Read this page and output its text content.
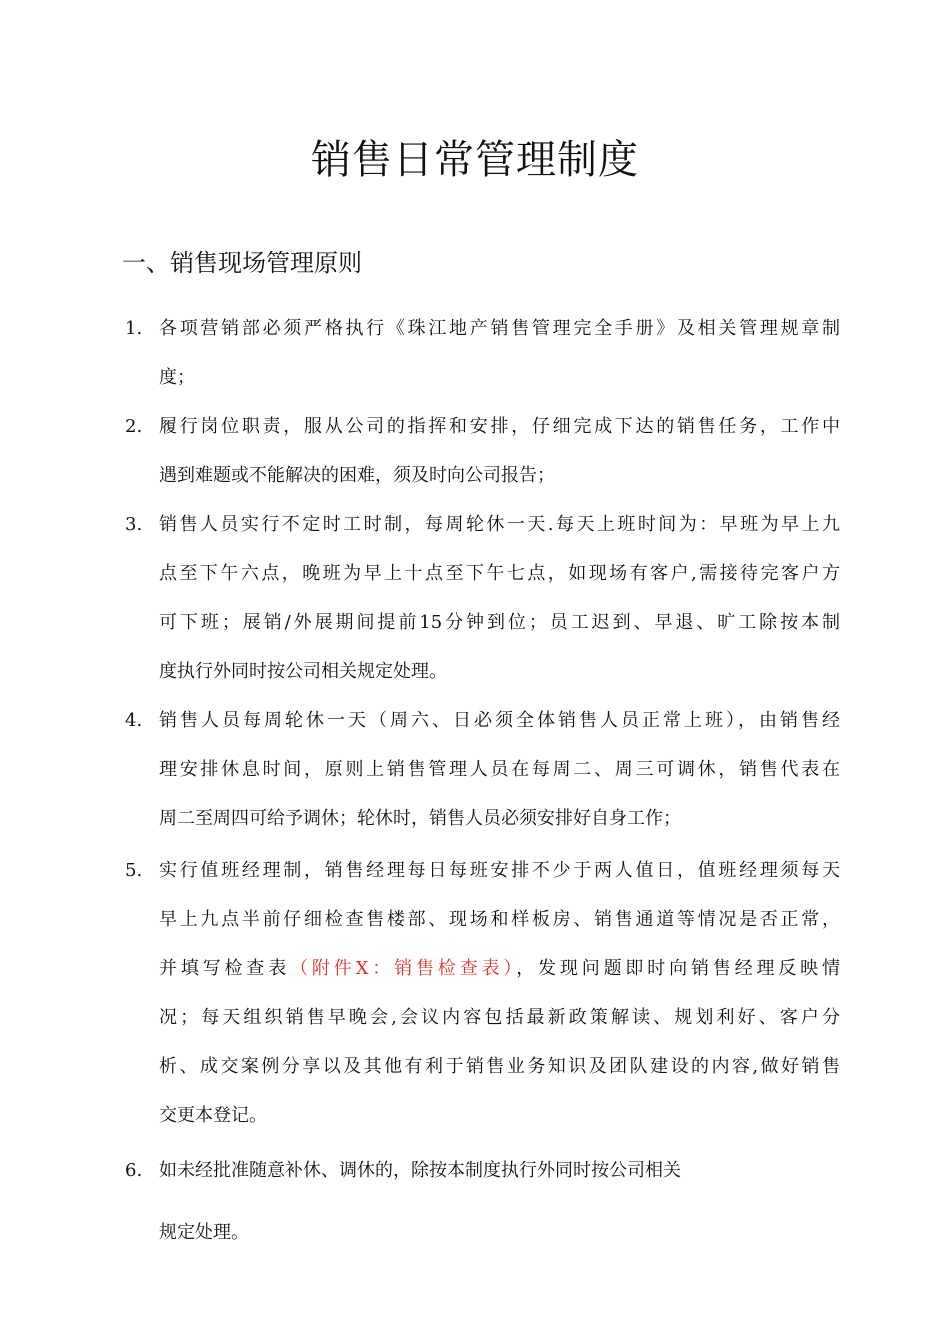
销售日常管理制度
一、销售现场管理原则
1. 各项营销部必须严格执行《珠江地产销售管理完全手册》及相关管理规章制
度；
2. 履行岗位职责，服从公司的指挥和安排，仔细完成下达的销售任务，工作中
遇到难题或不能解决的困难，须及时向公司报告；
3. 销售人员实行不定时工时制，每周轮休一天.每天上班时间为：早班为早上九
点至下午六点，晚班为早上十点至下午七点，如现场有客户,需接待完客户方
可下班；展销/外展期间提前15分钟到位；员工迟到、早退、旷工除按本制
度执行外同时按公司相关规定处理。
4. 销售人员每周轮休一天（周六、日必须全体销售人员正常上班），由销售经
理安排休息时间，原则上销售管理人员在每周二、周三可调休，销售代表在
周二至周四可给予调休；轮休时，销售人员必须安排好自身工作；
5. 实行值班经理制，销售经理每日每班安排不少于两人值日，值班经理须每天
早上九点半前仔细检查售楼部、现场和样板房、销售通道等情况是否正常，
并填写检查表（附件X：销售检查表），发现问题即时向销售经理反映情
况；每天组织销售早晚会,会议内容包括最新政策解读、规划利好、客户分
析、成交案例分享以及其他有利于销售业务知识及团队建设的内容,做好销售
交更本登记。
6. 如未经批准随意补休、调休的，除按本制度执行外同时按公司相关
规定处理。
